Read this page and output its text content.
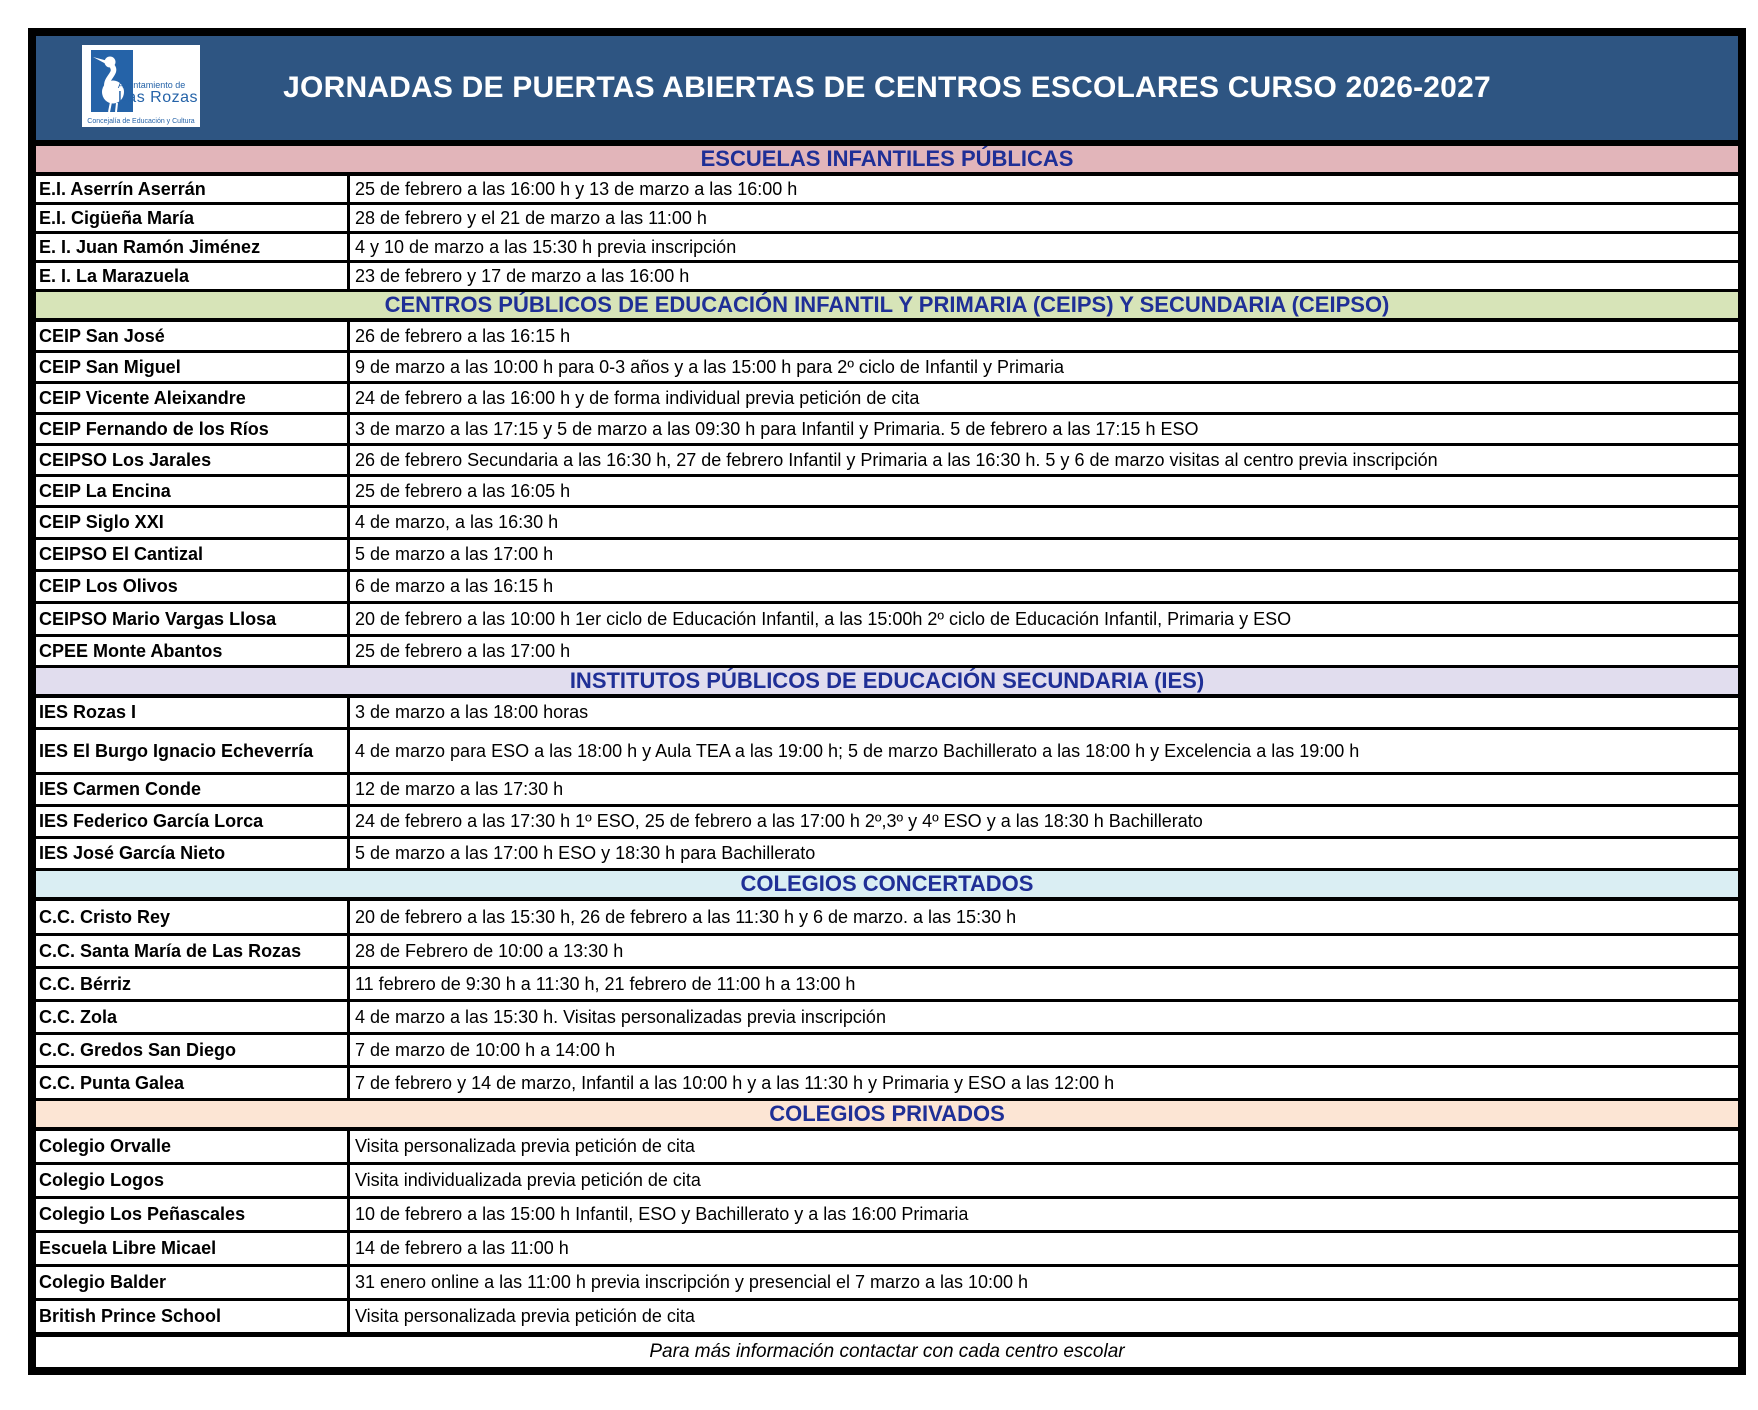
Ayuntamiento de
Las Rozas
Concejalía de Educación y Cultura
JORNADAS DE PUERTAS ABIERTAS DE CENTROS ESCOLARES CURSO 2026-2027
ESCUELAS INFANTILES PÚBLICAS
E.I. Aserrín Aserrán	25 de febrero a las 16:00 h y 13 de marzo a las 16:00 h
E.I. Cigüeña María	28 de febrero y el 21 de marzo a las 11:00 h
E. I. Juan Ramón Jiménez	4 y 10 de marzo a las 15:30 h previa inscripción
E. I. La Marazuela	23 de febrero y 17 de marzo a las 16:00 h
CENTROS PÚBLICOS DE EDUCACIÓN INFANTIL Y PRIMARIA (CEIPS) Y SECUNDARIA (CEIPSO)
CEIP San José	26 de febrero a las 16:15 h
CEIP San Miguel	9 de marzo a las 10:00 h para 0-3 años y a las 15:00 h para 2º ciclo de Infantil y Primaria
CEIP Vicente Aleixandre	24 de febrero a las 16:00 h y de forma individual previa petición de cita
CEIP Fernando de los Ríos	3 de marzo a las 17:15 y 5 de marzo a las 09:30 h para Infantil y Primaria. 5 de febrero a las 17:15 h ESO
CEIPSO Los Jarales	26 de febrero Secundaria a las 16:30 h, 27 de febrero Infantil y Primaria a las 16:30 h. 5 y 6 de marzo visitas al centro previa inscripción
CEIP La Encina	25 de febrero a las 16:05 h
CEIP Siglo XXI	4 de marzo, a las 16:30 h
CEIPSO El Cantizal	5 de marzo a las 17:00 h
CEIP Los Olivos	6 de marzo a las 16:15 h
CEIPSO Mario Vargas Llosa	20 de febrero a las 10:00 h 1er ciclo de Educación Infantil, a las 15:00h 2º ciclo de Educación Infantil, Primaria y ESO
CPEE Monte Abantos	25 de febrero a las 17:00 h
INSTITUTOS PÚBLICOS DE EDUCACIÓN SECUNDARIA (IES)
IES Rozas I	3 de marzo a las 18:00 horas
IES El Burgo Ignacio Echeverría	4 de marzo para ESO a las 18:00 h y Aula TEA a las 19:00 h; 5 de marzo Bachillerato a las 18:00 h y Excelencia a las 19:00 h
IES Carmen Conde	12 de marzo a las 17:30 h
IES Federico García Lorca	24 de febrero a las 17:30 h 1º ESO, 25 de febrero a las 17:00 h 2º,3º y 4º ESO y a las 18:30 h Bachillerato
IES José García Nieto	5 de marzo a las 17:00 h ESO y 18:30 h para Bachillerato
COLEGIOS CONCERTADOS
C.C. Cristo Rey	20 de febrero a las 15:30 h, 26 de febrero a las 11:30 h y 6 de marzo. a las 15:30 h
C.C. Santa María de Las Rozas	28 de Febrero de 10:00 a 13:30 h
C.C. Bérriz	11 febrero de 9:30 h a 11:30 h, 21 febrero de 11:00 h a 13:00 h
C.C. Zola	4 de marzo a las 15:30 h. Visitas personalizadas previa inscripción
C.C. Gredos San Diego	7 de marzo de 10:00 h a 14:00 h
C.C. Punta Galea	7 de febrero y 14 de marzo, Infantil a las 10:00 h y a las 11:30 h y Primaria y ESO a las 12:00 h
COLEGIOS PRIVADOS
Colegio Orvalle	Visita personalizada previa petición de cita
Colegio Logos	Visita individualizada previa petición de cita
Colegio Los Peñascales	10 de febrero a las 15:00 h Infantil, ESO y Bachillerato y a las 16:00 Primaria
Escuela Libre Micael	14 de febrero a las 11:00 h
Colegio Balder	31 enero online a las 11:00 h previa inscripción y presencial el 7 marzo a las 10:00 h
British Prince School	Visita personalizada previa petición de cita
Para más información contactar con cada centro escolar
